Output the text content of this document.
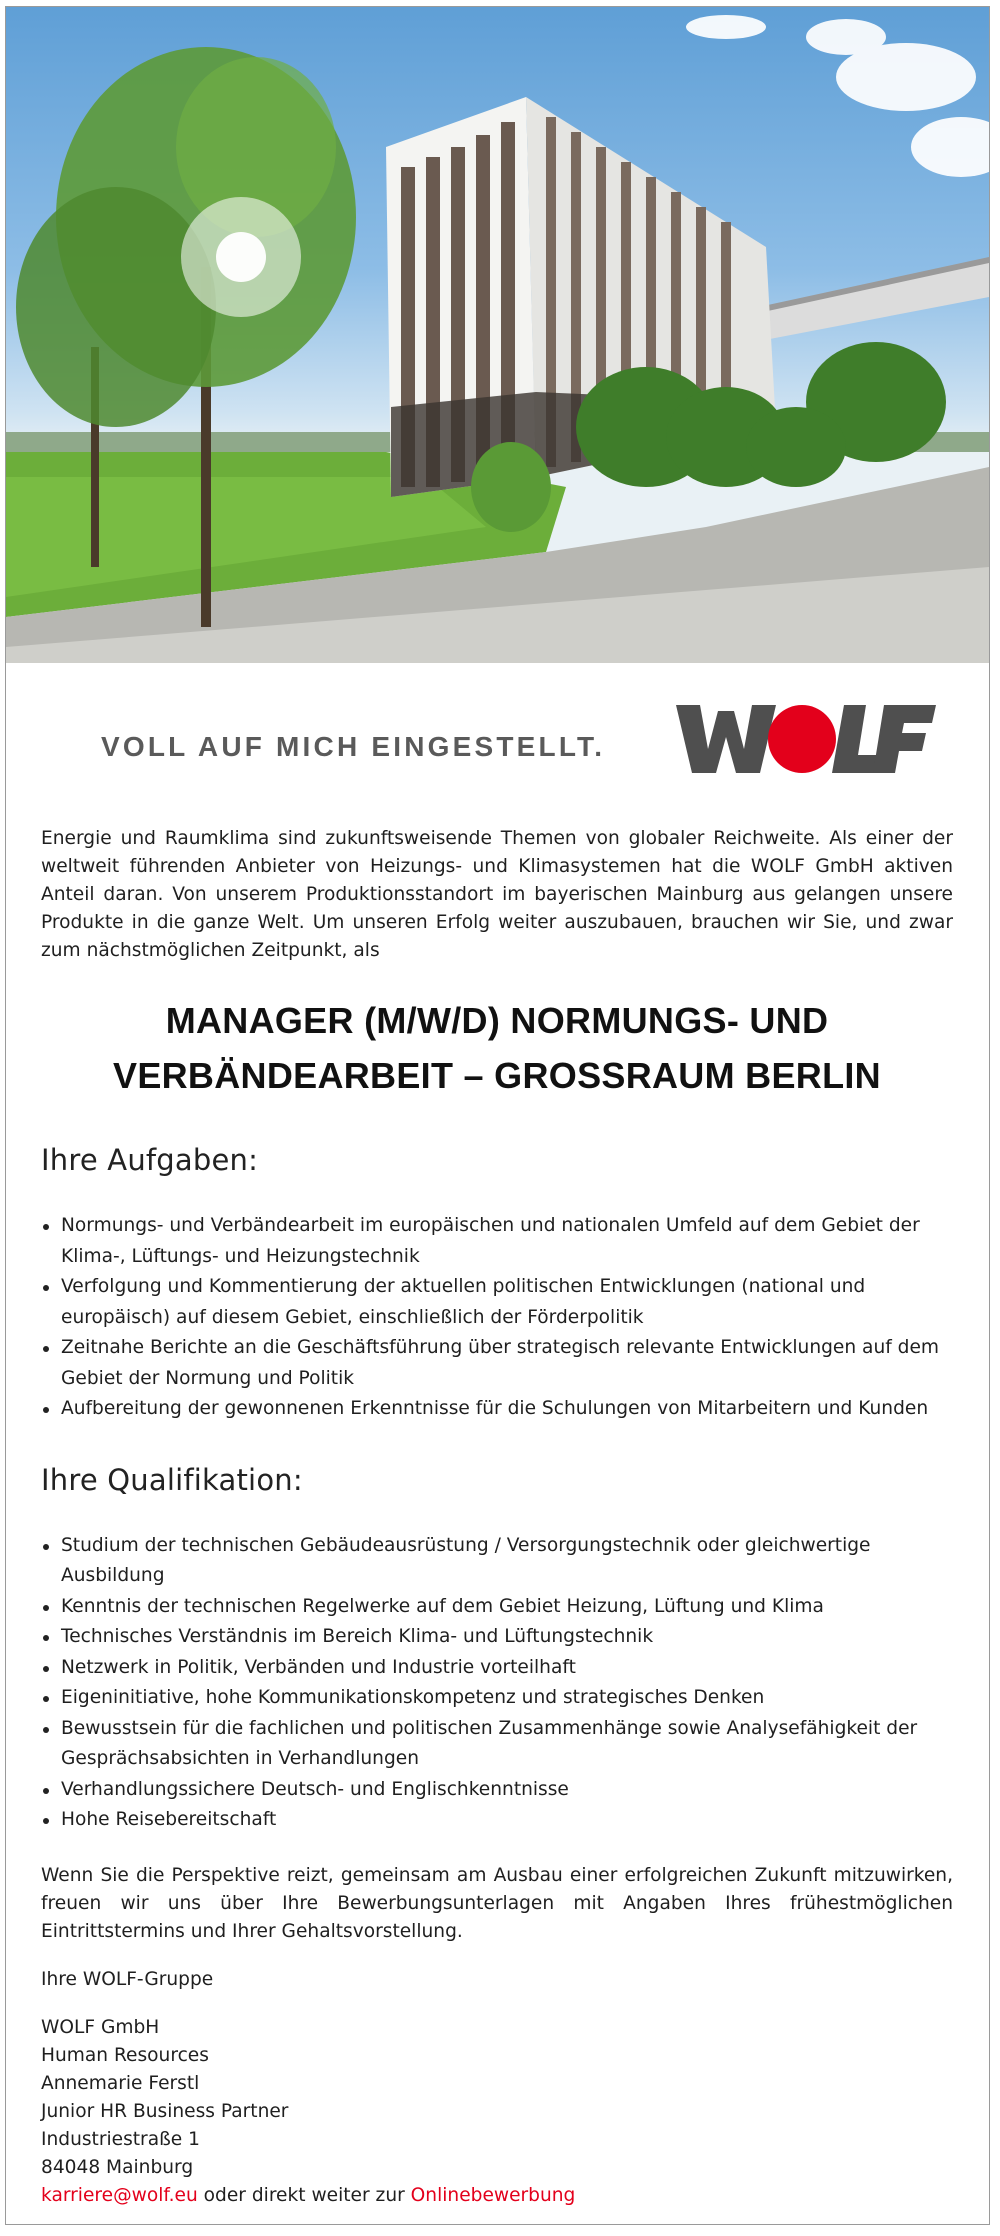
VOLL AUF MICH EINGESTELLT.

Energie und Raumklima sind zukunftsweisende Themen von globaler Reichweite. Als einer der weltweit führenden Anbieter von Heizungs- und Klimasystemen hat die WOLF GmbH aktiven Anteil daran. Von unserem Produktionsstandort im bayerischen Mainburg aus gelangen unsere Produkte in die ganze Welt. Um unseren Erfolg weiter auszubauen, brauchen wir Sie, und zwar zum nächstmöglichen Zeitpunkt, als

MANAGER (M/W/D) NORMUNGS- UND
VERBÄNDEARBEIT – GROSSRAUM BERLIN
Ihre Aufgaben:
Normungs- und Verbändearbeit im europäischen und nationalen Umfeld auf dem Gebiet der Klima-, Lüftungs- und Heizungstechnik
Verfolgung und Kommentierung der aktuellen politischen Entwicklungen (national und europäisch) auf diesem Gebiet, einschließlich der Förderpolitik
Zeitnahe Berichte an die Geschäftsführung über strategisch relevante Entwicklungen auf dem Gebiet der Normung und Politik
Aufbereitung der gewonnenen Erkenntnisse für die Schulungen von Mitarbeitern und Kunden
Ihre Qualifikation:
Studium der technischen Gebäudeausrüstung / Versorgungstechnik oder gleichwertige Ausbildung
Kenntnis der technischen Regelwerke auf dem Gebiet Heizung, Lüftung und Klima
Technisches Verständnis im Bereich Klima- und Lüftungstechnik
Netzwerk in Politik, Verbänden und Industrie vorteilhaft
Eigeninitiative, hohe Kommunikationskompetenz und strategisches Denken
Bewusstsein für die fachlichen und politischen Zusammenhänge sowie Analysefähigkeit der Gesprächsabsichten in Verhandlungen
Verhandlungssichere Deutsch- und Englischkenntnisse
Hohe Reisebereitschaft

Wenn Sie die Perspektive reizt, gemeinsam am Ausbau einer erfolgreichen Zukunft mitzuwirken, freuen wir uns über Ihre Bewerbungsunterlagen mit Angaben Ihres frühestmöglichen Eintrittstermins und Ihrer Gehaltsvorstellung.

Ihre WOLF-Gruppe

WOLF GmbH
Human Resources
Annemarie Ferstl
Junior HR Business Partner
Industriestraße 1
84048 Mainburg
karriere@wolf.eu oder direkt weiter zur Onlinebewerbung
